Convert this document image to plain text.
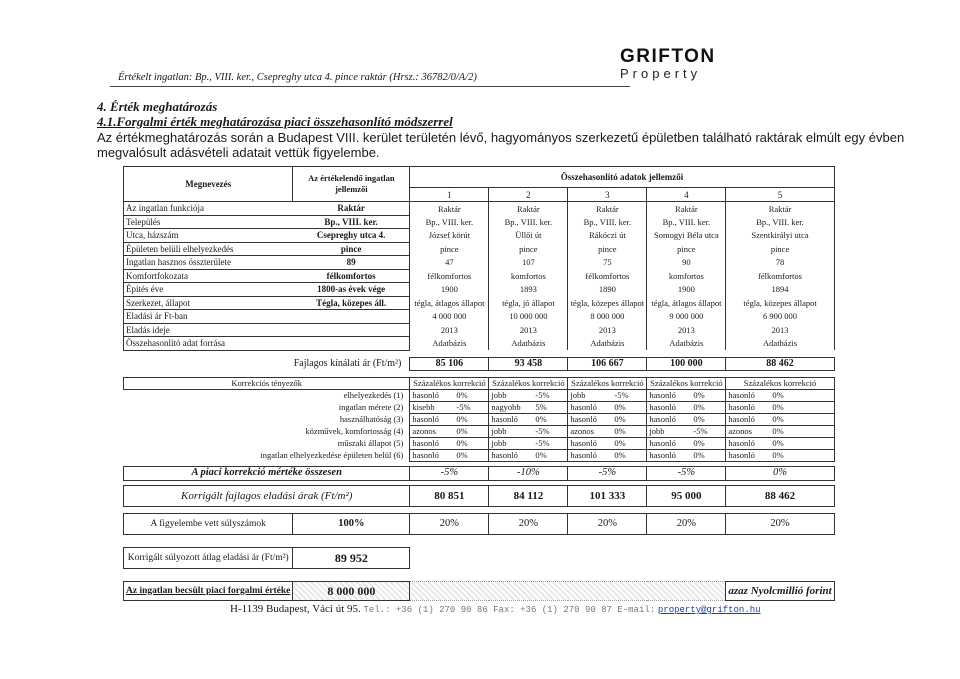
Értékelt ingatlan: Bp., VIII. ker., Csepreghy utca 4. pince raktár (Hrsz.: 36782/0/A/2)
GRIFTON
Property
4. Érték meghatározás
4.1.Forgalmi érték meghatározása piaci összehasonlító módszerrel
Az értékmeghatározás során a Budapest VIII. kerület területén lévő, hagyományos szerkezetű épületben található raktárak elmúlt egy évben
megvalósult adásvételi adatait vettük figyelembe.
Megnevezés	Az értékelendő ingatlan jellemzői	Összehasonlító adatok jellemzői				
		1	2	3	4	5
Az ingatlan funkciója	Raktár	Raktár	Raktár	Raktár	Raktár	Raktár
Település	Bp., VIII. ker.	Bp., VIII. ker.	Bp., VIII. ker.	Bp., VIII. ker.	Bp., VIII. ker.	Bp., VIII. ker.
Utca, házszám	Csepreghy utca 4.	József körút	Üllői út	Rákóczi út	Somogyi Béla utca	Szentkirályi utca
Épületen belüli elhelyezkedés	pince	pince	pince	pince	pince	pince
Ingatlan hasznos összterülete	89	47	107	75	90	78
Komfortfokozata	félkomfortos	félkomfortos	komfortos	félkomfortos	komfortos	félkomfortos
Építés éve	1800-as évek vége	1900	1893	1890	1900	1894
Szerkezet, állapot	Tégla, közepes áll.	tégla, átlagos állapot	tégla, jó állapot	tégla, közepes állapot	tégla, átlagos állapot	tégla, közepes állapot
Eladási ár Ft-ban		4 000 000	10 000 000	8 000 000	9 000 000	6 900 000
Eladás ideje		2013	2013	2013	2013	2013
Összehasonlító adat forrása		Adatbázis	Adatbázis	Adatbázis	Adatbázis	Adatbázis

Fajlagos kínálati ár (Ft/m²)		85 106	93 458	106 667	100 000	88 462

Korrekciós tényezők		Százalékos korrekció	Százalékos korrekció	Százalékos korrekció	Százalékos korrekció	Százalékos korrekció
elhelyezkedés (1)		hasonló 0%	jobb -5%	jobb -5%	hasonló 0%	hasonló 0%
ingatlan mérete (2)		kisebb -5%	nagyobb 5%	hasonló 0%	hasonló 0%	hasonló 0%
használhatóság (3)		hasonló 0%	hasonló 0%	hasonló 0%	hasonló 0%	hasonló 0%
közművek, komfortosság (4)		azonos 0%	jobb -5%	azonos 0%	jobb -5%	azonos 0%
műszaki állapot (5)		hasonló 0%	jobb -5%	hasonló 0%	hasonló 0%	hasonló 0%
ingatlan elhelyezkedése épületen belül (6)		hasonló 0%	hasonló 0%	hasonló 0%	hasonló 0%	hasonló 0%

A piaci korrekció mértéke összesen		-5%	-10%	-5%	-5%	0%

Korrigált fajlagos eladási árak (Ft/m²)		80 851	84 112	101 333	95 000	88 462

A figyelembe vett súlyszámok	100%	20%	20%	20%	20%	20%

Korrigált súlyozott átlag eladási ár (Ft/m²)	89 952					

Az ingatlan becsült piaci forgalmi értéke	8 000 000					azaz Nyolcmillió forint
H-1139 Budapest, Váci út 95. Tel.: +36 (1) 270 90 86 Fax: +36 (1) 270 90 87 E-mail: property@grifton.hu
